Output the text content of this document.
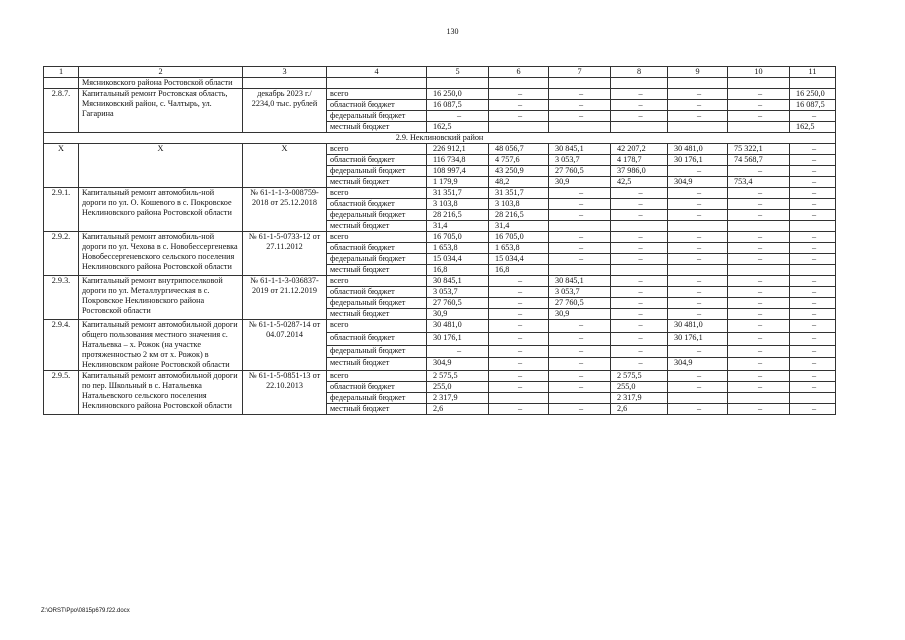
130
1	2	3	4	5	6	7	8	9	10	11
	Мясниковского района Ростовской области									
2.8.7.	Капитальный ремонт Ростовская область, Мясниковский район, с. Чалтырь, ул. Гагарина	декабрь 2023 г./ 2234,0 тыс. рублей	всего	16 250,0	–	–	–	–	–	16 250,0
			областной бюджет	16 087,5	–	–	–	–	–	16 087,5
			федеральный бюджет	–	–	–	–	–	–	–
			местный бюджет	162,5						162,5
2.9. Неклиновский район										
Х	Х	Х	всего	226 912,1	48 056,7	30 845,1	42 207,2	30 481,0	75 322,1	–
			областной бюджет	116 734,8	4 757,6	3 053,7	4 178,7	30 176,1	74 568,7	–
			федеральный бюджет	108 997,4	43 250,9	27 760,5	37 986,0	–	–	–
			местный бюджет	1 179,9	48,2	30,9	42,5	304,9	753,4	–
2.9.1.	Капитальный ремонт автомобиль-ной дороги по ул. О. Кошевого в с. Покровское Неклиновского района Ростовской области	№ 61-1-1-3-008759-2018 от 25.12.2018	всего	31 351,7	31 351,7	–	–	–	–	–
			областной бюджет	3 103,8	3 103,8	–	–	–	–	–
			федеральный бюджет	28 216,5	28 216,5	–	–	–	–	–
			местный бюджет	31,4	31,4					
2.9.2.	Капитальный ремонт автомобиль-ной дороги по ул. Чехова в с. Новобессергеневка Новобессергеневского сельского поселения Неклиновского района Ростовской области	№ 61-1-5-0733-12 от 27.11.2012	всего	16 705,0	16 705,0	–	–	–	–	–
			областной бюджет	1 653,8	1 653,8	–	–	–	–	–
			федеральный бюджет	15 034,4	15 034,4	–	–	–	–	–
			местный бюджет	16,8	16,8					
2.9.3.	Капитальный ремонт внутрипоселковой дороги по ул. Металлургическая в с. Покровское Неклиновского района Ростовской области	№ 61-1-1-3-036837-2019 от 21.12.2019	всего	30 845,1	–	30 845,1	–	–	–	–
			областной бюджет	3 053,7	–	3 053,7	–	–	–	–
			федеральный бюджет	27 760,5	–	27 760,5	–	–	–	–
			местный бюджет	30,9	–	30,9	–	–	–	–
2.9.4.	Капитальный ремонт автомобильной дороги общего пользования местного значения с. Натальевка – х. Рожок (на участке протяженностью 2 км от х. Рожок) в Неклиновском районе Ростовской области	№ 61-1-5-0287-14 от 04.07.2014	всего	30 481,0	–	–	–	30 481,0	–	–
			областной бюджет	30 176,1	–	–	–	30 176,1	–	–
			федеральный бюджет	–	–	–	–	–	–	–
			местный бюджет	304,9	–	–	–	304,9	–	–
2.9.5.	Капитальный ремонт автомобильной дороги по пер. Школьный в с. Натальевка Натальевского сельского поселения Неклиновского района Ростовской области	№ 61-1-5-0851-13 от 22.10.2013	всего	2 575,5	–	–	2 575,5	–	–	–
			областной бюджет	255,0	–	–	255,0	–	–	–
			федеральный бюджет	2 317,9			2 317,9			
			местный бюджет	2,6	–	–	2,6	–	–	–
Z:\ORST\Ppo\0815p679.f22.docx
